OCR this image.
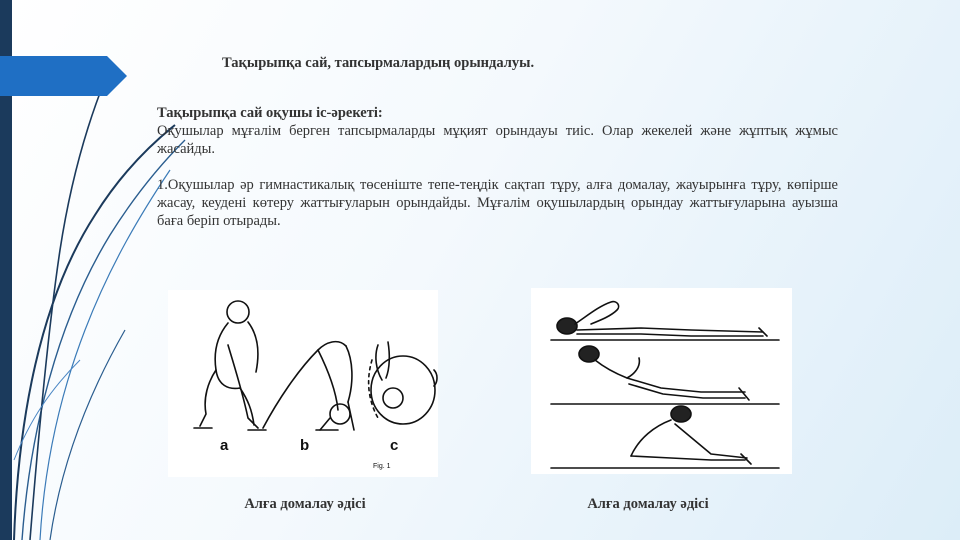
Тақырыпқа сай, тапсырмалардың орындалуы.

Тақырыпқа сай оқушы іс-әрекеті:

Оқушылар мұғалім берген тапсырмаларды мұқият орындауы тиіс. Олар жекелей және жұптық жұмыс жасайды.

1.Оқушылар әр гимнастикалық төсеніште тепе-теңдік сақтап тұру, алға домалау, жауырынға тұру, көпірше жасау, кеудені көтеру жаттығуларын орындайды. Мұғалім оқушылардың орындау жаттығуларына ауызша баға беріп отырады.

a	b	c
Fig. 1
Алға домалау әдісі	Алға домалау әдісі
